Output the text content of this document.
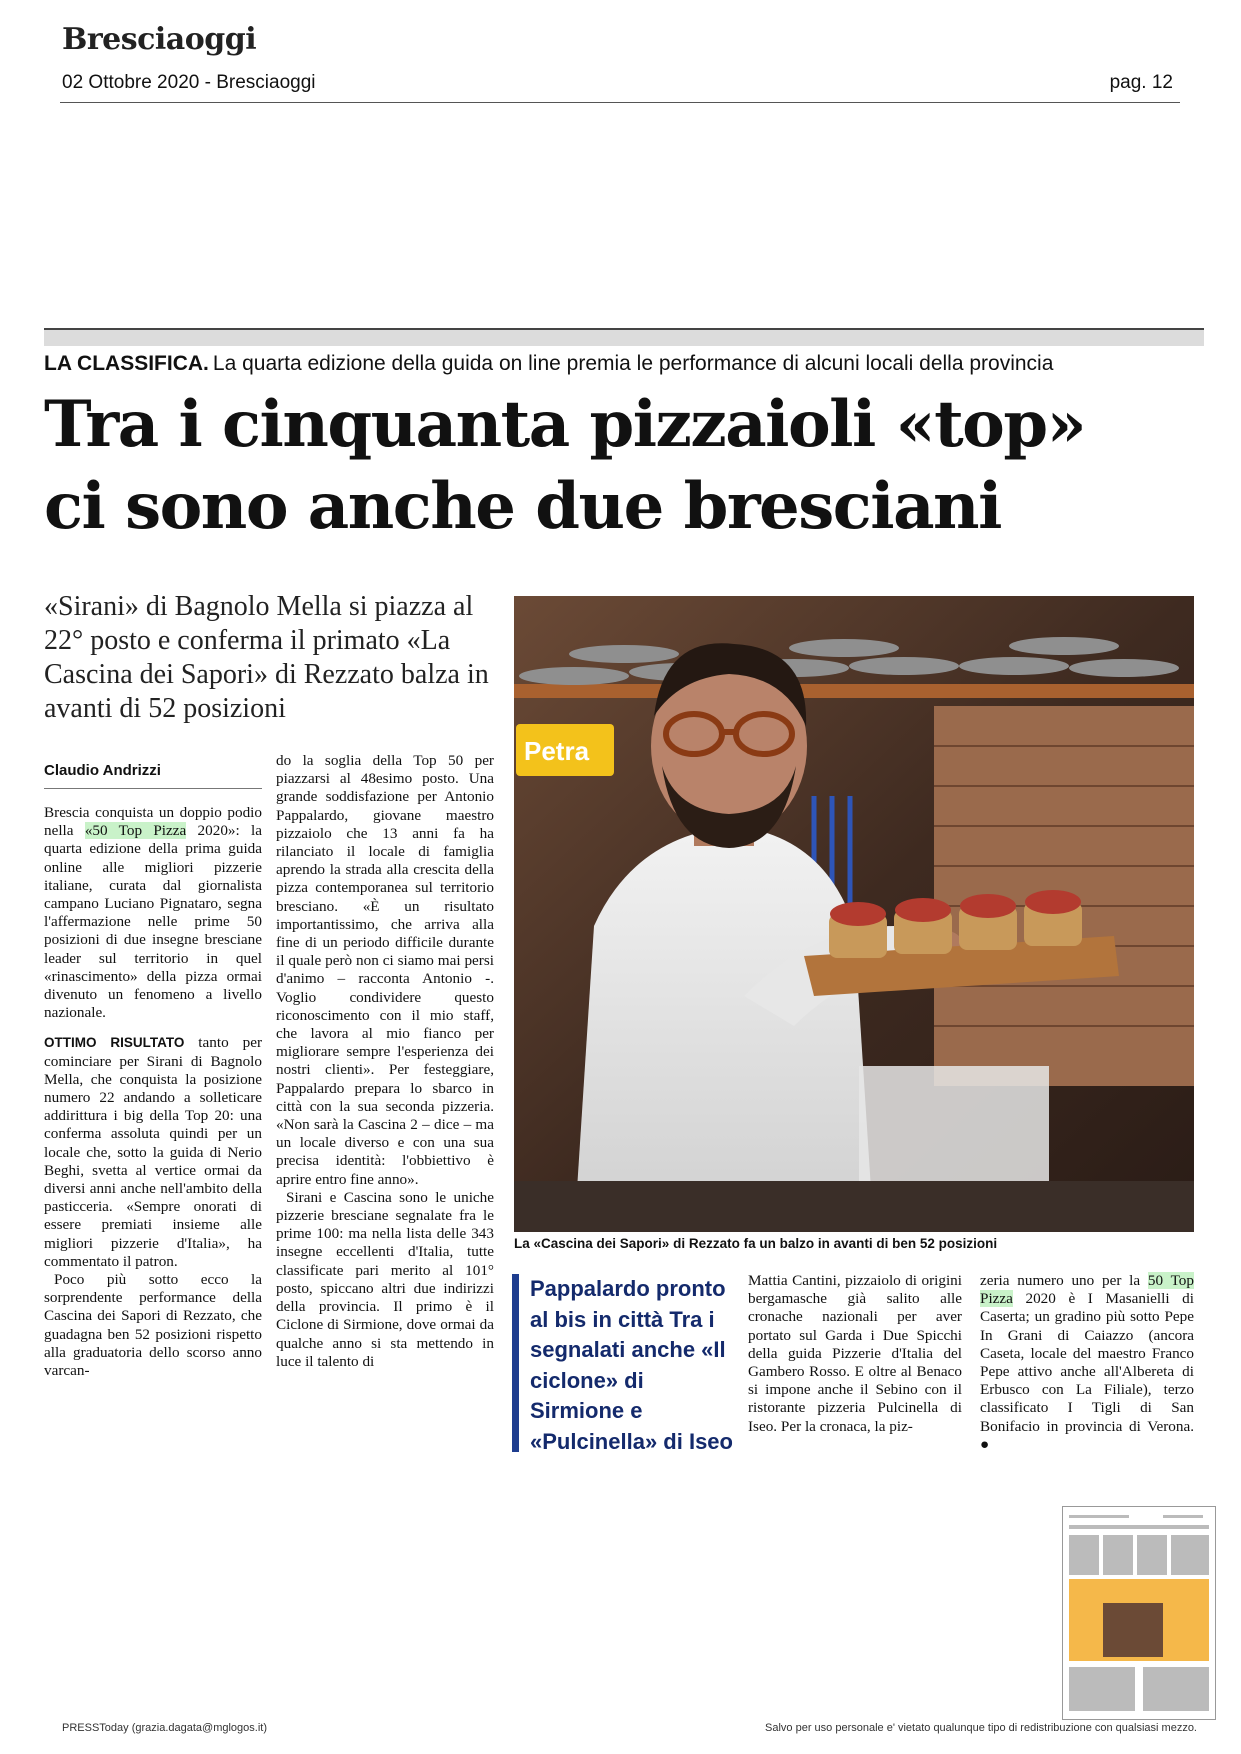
Bresciaoggi
02 Ottobre 2020 - Bresciaoggi	pag. 12
LA CLASSIFICA. La quarta edizione della guida on line premia le performance di alcuni locali della provincia
Tra i cinquanta pizzaioli «top»
ci sono anche due bresciani
«Sirani» di Bagnolo Mella si piazza al 22° posto e conferma il primato «La Cascina dei Sapori» di Rezzato balza in avanti di 52 posizioni
Claudio Andrizzi

Brescia conquista un doppio podio nella «50 Top Pizza 2020»: la quarta edizione della prima guida online alle migliori pizzerie italiane, curata dal giornalista campano Luciano Pignataro, segna l'affermazione nelle prime 50 posizioni di due insegne bresciane leader sul territorio in quel «rinascimento» della pizza ormai divenuto un fenomeno a livello nazionale.

OTTIMO RISULTATO tanto per cominciare per Sirani di Bagnolo Mella, che conquista la posizione numero 22 andando a solleticare addirittura i big della Top 20: una conferma assoluta quindi per un locale che, sotto la guida di Nerio Beghi, svetta al vertice ormai da diversi anni anche nell'ambito della pasticceria. «Sempre onorati di essere premiati insieme alle migliori pizzerie d'Italia», ha commentato il patron.

Poco più sotto ecco la sorprendente performance della Cascina dei Sapori di Rezzato, che guadagna ben 52 posizioni rispetto alla graduatoria dello scorso anno varcan-

do la soglia della Top 50 per piazzarsi al 48esimo posto. Una grande soddisfazione per Antonio Pappalardo, giovane maestro pizzaiolo che 13 anni fa ha rilanciato il locale di famiglia aprendo la strada alla crescita della pizza contemporanea sul territorio bresciano. «È un risultato importantissimo, che arriva alla fine di un periodo difficile durante il quale però non ci siamo mai persi d'animo – racconta Antonio -. Voglio condividere questo riconoscimento con il mio staff, che lavora al mio fianco per migliorare sempre l'esperienza dei nostri clienti». Per festeggiare, Pappalardo prepara lo sbarco in città con la sua seconda pizzeria. «Non sarà la Cascina 2 – dice – ma un locale diverso e con una sua precisa identità: l'obbiettivo è aprire entro fine anno».

Sirani e Cascina sono le uniche pizzerie bresciane segnalate fra le prime 100: ma nella lista delle 343 insegne eccellenti d'Italia, tutte classificate pari merito al 101° posto, spiccano altri due indirizzi della provincia. Il primo è il Ciclone di Sirmione, dove ormai da qualche anno si sta mettendo in luce il talento di

Petra
La «Cascina dei Sapori» di Rezzato fa un balzo in avanti di ben 52 posizioni
Pappalardo pronto al bis in città Tra i segnalati anche «Il ciclone» di Sirmione e «Pulcinella» di Iseo

Mattia Cantini, pizzaiolo di origini bergamasche già salito alle cronache nazionali per aver portato sul Garda i Due Spicchi della guida Pizzerie d'Italia del Gambero Rosso. E oltre al Benaco si impone anche il Sebino con il ristorante pizzeria Pulcinella di Iseo. Per la cronaca, la piz-

zeria numero uno per la 50 Top Pizza 2020 è I Masanielli di Caserta; un gradino più sotto Pepe In Grani di Caiazzo (ancora Caseta, locale del maestro Franco Pepe attivo anche all'Albereta di Erbusco con La Filiale), terzo classificato I Tigli di San Bonifacio in provincia di Verona. ●

PRESSToday (grazia.dagata@mglogos.it)	Salvo per uso personale e' vietato qualunque tipo di redistribuzione con qualsiasi mezzo.
